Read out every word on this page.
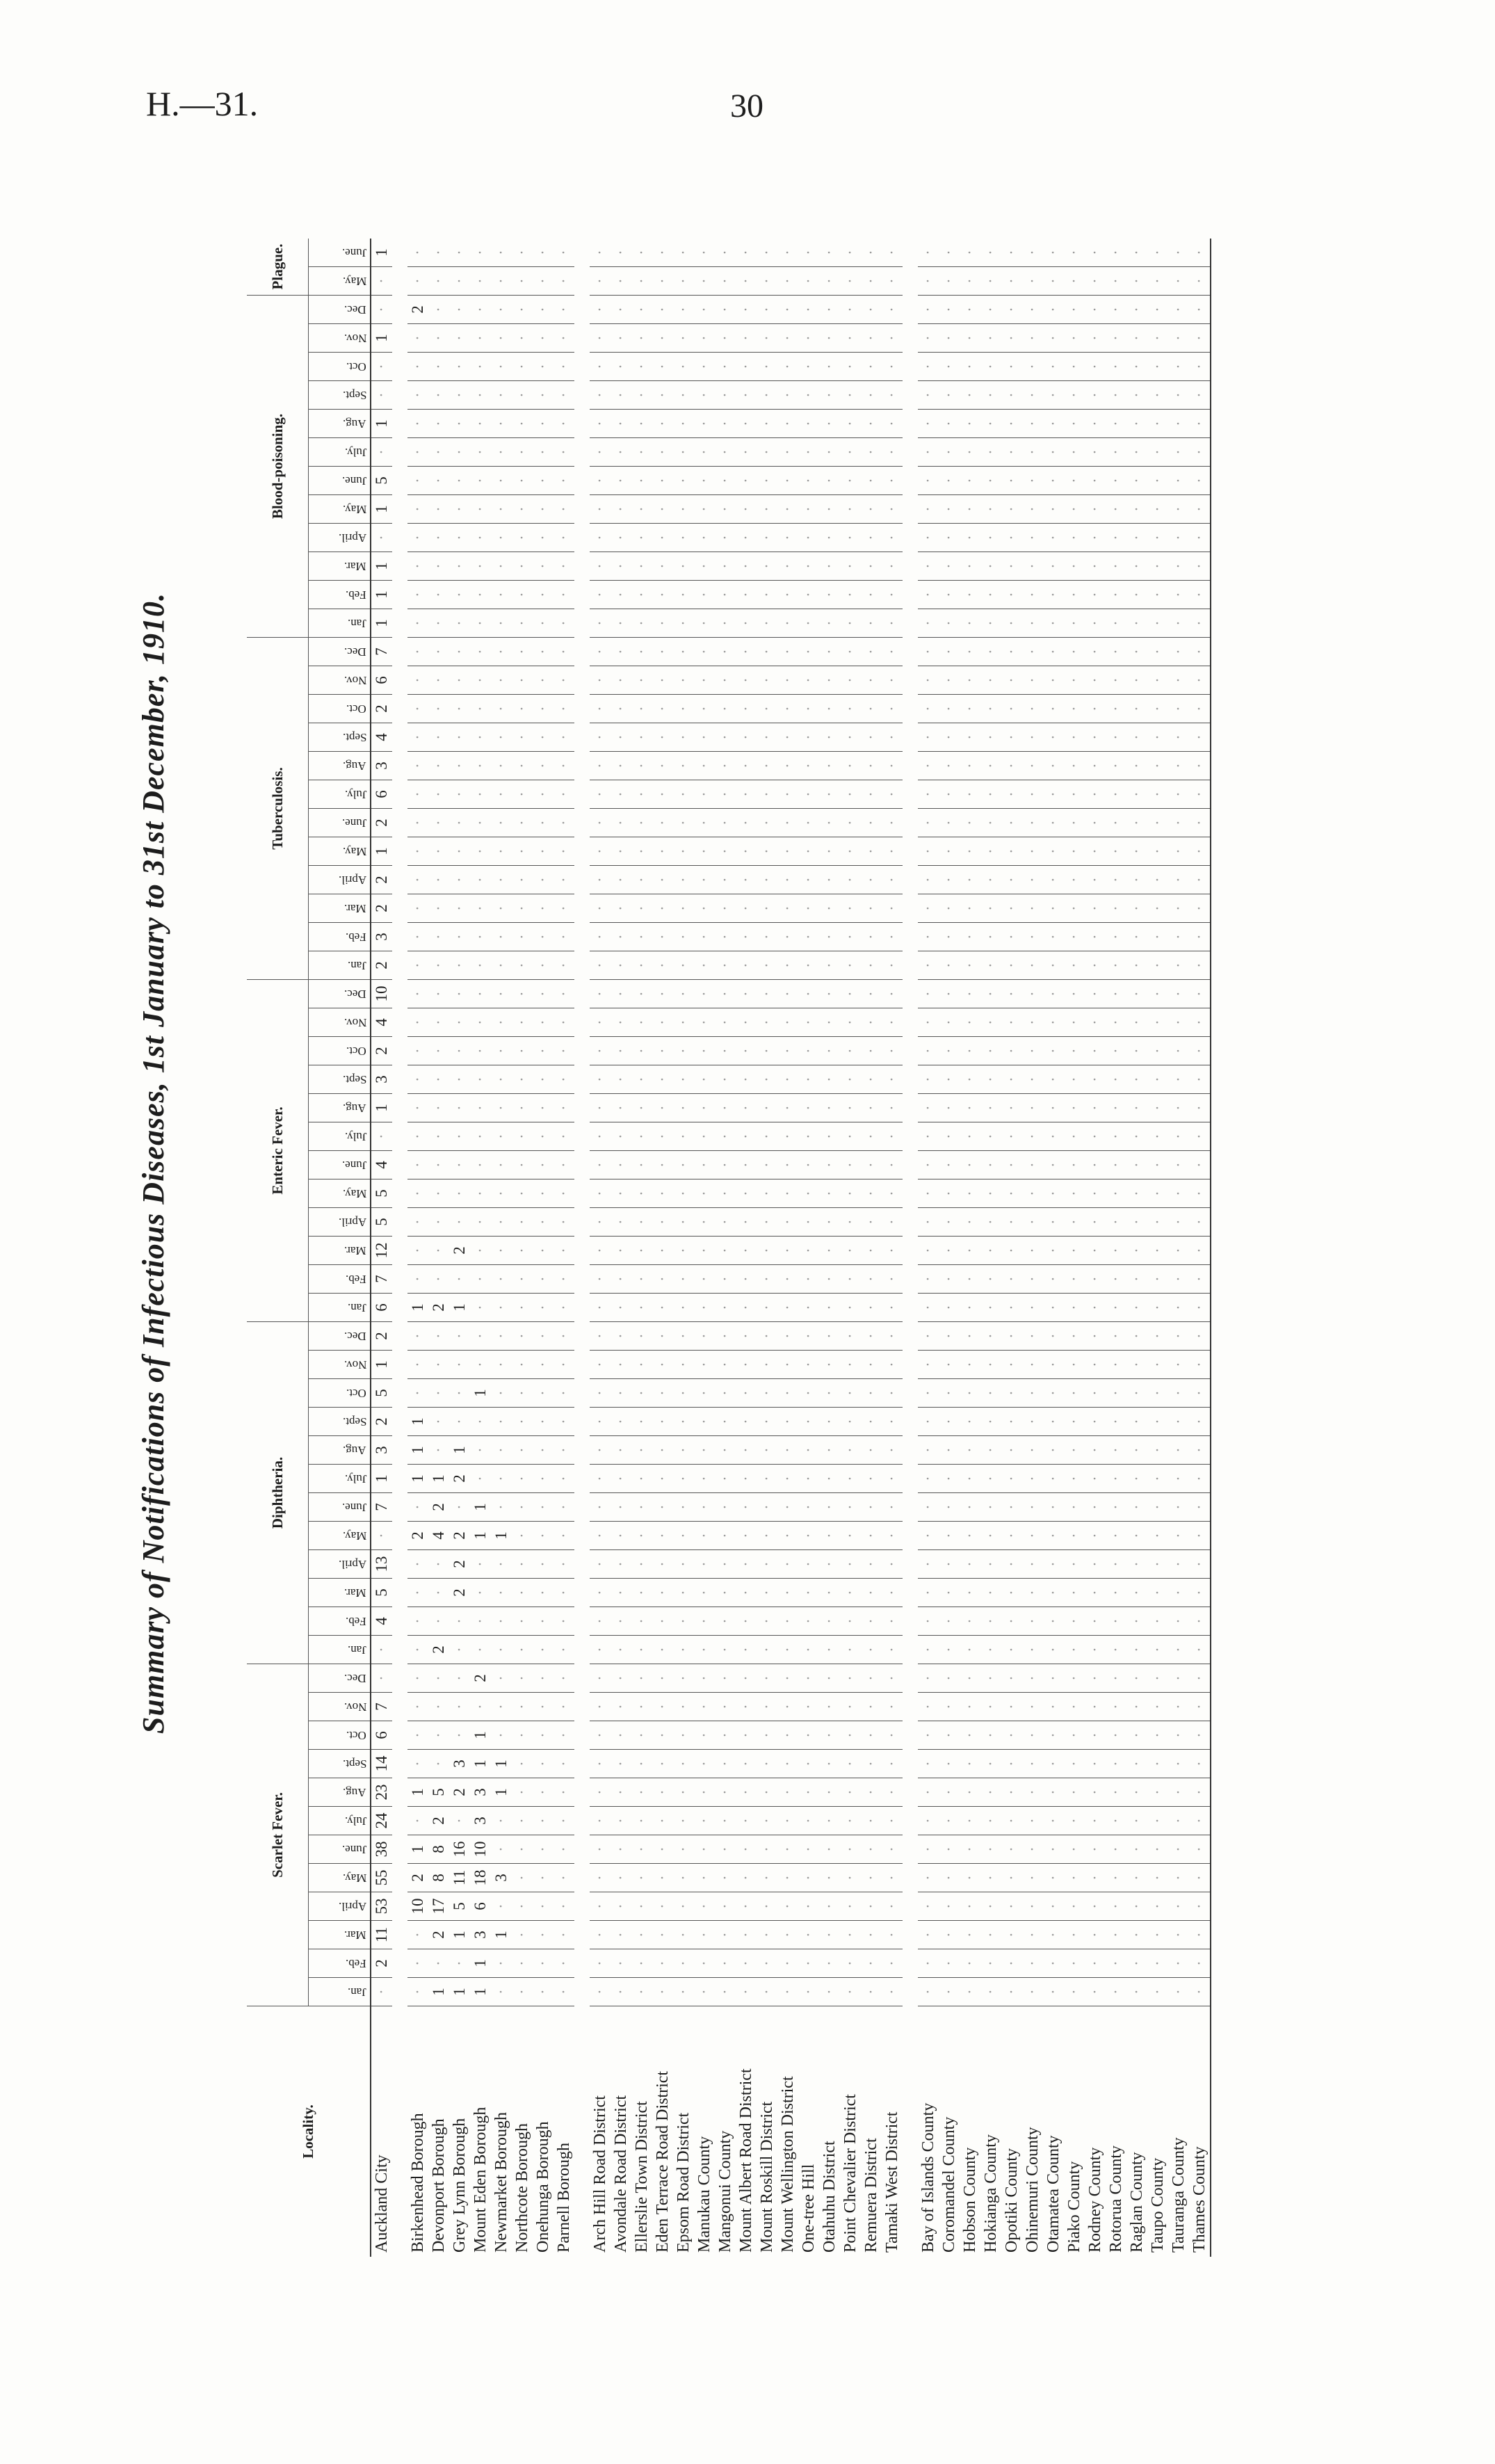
H.—31.	30
Summary of Notifications of Infectious Diseases, 1st January to 31st December, 1910.
Locality.	Scarlet Fever.												Diphtheria.												Enteric Fever.												Tuberculosis.												Blood-poisoning.												Plague.	
	Jan.	Feb.	Mar.	April.	May.	June.	July.	Aug.	Sept.	Oct.	Nov.	Dec.	Jan.	Feb.	Mar.	April.	May.	June.	July.	Aug.	Sept.	Oct.	Nov.	Dec.	Jan.	Feb.	Mar.	April.	May.	June.	July.	Aug.	Sept.	Oct.	Nov.	Dec.	Jan.	Feb.	Mar.	April.	May.	June.	July.	Aug.	Sept.	Oct.	Nov.	Dec.	Jan.	Feb.	Mar.	April.	May.	June.	July.	Aug.	Sept.	Oct.	Nov.	Dec.	May.	June.
Auckland City	·	2	11	53	55	38	24	23	14	6	7	·	·	4	5	13	·	7	1	3	2	5	1	2	6	7	12	5	5	4	·	1	3	2	4	10	2	3	2	2	1	2	6	3	4	2	6	7	1	1	1	·	1	5	·	1	·	·	1	·	·	1

Birkenhead Borough	·	·	·	10	2	1	·	1	·	·	·	·	·	·	·	·	2	·	1	1	1	·	·	·	1	·	·	·	·	·	·	·	·	·	·	·	·	·	·	·	·	·	·	·	·	·	·	·	·	·	·	·	·	·	·	·	·	·	·	2	·	·
Devonport Borough	1	·	2	17	8	8	2	5	·	·	·	·	2	·	·	·	4	2	1	·	·	·	·	·	2	·	·	·	·	·	·	·	·	·	·	·	·	·	·	·	·	·	·	·	·	·	·	·	·	·	·	·	·	·	·	·	·	·	·	·	·	·
Grey Lynn Borough	1	·	1	5	11	16	·	2	3	·	·	·	·	·	2	2	2	·	2	1	·	·	·	·	1	·	2	·	·	·	·	·	·	·	·	·	·	·	·	·	·	·	·	·	·	·	·	·	·	·	·	·	·	·	·	·	·	·	·	·	·	·
Mount Eden Borough	1	1	3	6	18	10	3	3	1	1	·	2	·	·	·	·	1	1	·	·	·	1	·	·	·	·	·	·	·	·	·	·	·	·	·	·	·	·	·	·	·	·	·	·	·	·	·	·	·	·	·	·	·	·	·	·	·	·	·	·	·	·
Newmarket Borough	·	·	1	·	3	·	·	1	1	·	·	·	·	·	·	·	1	·	·	·	·	·	·	·	·	·	·	·	·	·	·	·	·	·	·	·	·	·	·	·	·	·	·	·	·	·	·	·	·	·	·	·	·	·	·	·	·	·	·	·	·	·
Northcote Borough	·	·	·	·	·	·	·	·	·	·	·	·	·	·	·	·	·	·	·	·	·	·	·	·	·	·	·	·	·	·	·	·	·	·	·	·	·	·	·	·	·	·	·	·	·	·	·	·	·	·	·	·	·	·	·	·	·	·	·	·	·	·
Onehunga Borough	·	·	·	·	·	·	·	·	·	·	·	·	·	·	·	·	·	·	·	·	·	·	·	·	·	·	·	·	·	·	·	·	·	·	·	·	·	·	·	·	·	·	·	·	·	·	·	·	·	·	·	·	·	·	·	·	·	·	·	·	·	·
Parnell Borough	·	·	·	·	·	·	·	·	·	·	·	·	·	·	·	·	·	·	·	·	·	·	·	·	·	·	·	·	·	·	·	·	·	·	·	·	·	·	·	·	·	·	·	·	·	·	·	·	·	·	·	·	·	·	·	·	·	·	·	·	·	·

Arch Hill Road District	·	·	·	·	·	·	·	·	·	·	·	·	·	·	·	·	·	·	·	·	·	·	·	·	·	·	·	·	·	·	·	·	·	·	·	·	·	·	·	·	·	·	·	·	·	·	·	·	·	·	·	·	·	·	·	·	·	·	·	·	·	·
Avondale Road District	·	·	·	·	·	·	·	·	·	·	·	·	·	·	·	·	·	·	·	·	·	·	·	·	·	·	·	·	·	·	·	·	·	·	·	·	·	·	·	·	·	·	·	·	·	·	·	·	·	·	·	·	·	·	·	·	·	·	·	·	·	·
Ellerslie Town District	·	·	·	·	·	·	·	·	·	·	·	·	·	·	·	·	·	·	·	·	·	·	·	·	·	·	·	·	·	·	·	·	·	·	·	·	·	·	·	·	·	·	·	·	·	·	·	·	·	·	·	·	·	·	·	·	·	·	·	·	·	·
Eden Terrace Road District	·	·	·	·	·	·	·	·	·	·	·	·	·	·	·	·	·	·	·	·	·	·	·	·	·	·	·	·	·	·	·	·	·	·	·	·	·	·	·	·	·	·	·	·	·	·	·	·	·	·	·	·	·	·	·	·	·	·	·	·	·	·
Epsom Road District	·	·	·	·	·	·	·	·	·	·	·	·	·	·	·	·	·	·	·	·	·	·	·	·	·	·	·	·	·	·	·	·	·	·	·	·	·	·	·	·	·	·	·	·	·	·	·	·	·	·	·	·	·	·	·	·	·	·	·	·	·	·
Manukau County	·	·	·	·	·	·	·	·	·	·	·	·	·	·	·	·	·	·	·	·	·	·	·	·	·	·	·	·	·	·	·	·	·	·	·	·	·	·	·	·	·	·	·	·	·	·	·	·	·	·	·	·	·	·	·	·	·	·	·	·	·	·
Mangonui County	·	·	·	·	·	·	·	·	·	·	·	·	·	·	·	·	·	·	·	·	·	·	·	·	·	·	·	·	·	·	·	·	·	·	·	·	·	·	·	·	·	·	·	·	·	·	·	·	·	·	·	·	·	·	·	·	·	·	·	·	·	·
Mount Albert Road District	·	·	·	·	·	·	·	·	·	·	·	·	·	·	·	·	·	·	·	·	·	·	·	·	·	·	·	·	·	·	·	·	·	·	·	·	·	·	·	·	·	·	·	·	·	·	·	·	·	·	·	·	·	·	·	·	·	·	·	·	·	·
Mount Roskill District	·	·	·	·	·	·	·	·	·	·	·	·	·	·	·	·	·	·	·	·	·	·	·	·	·	·	·	·	·	·	·	·	·	·	·	·	·	·	·	·	·	·	·	·	·	·	·	·	·	·	·	·	·	·	·	·	·	·	·	·	·	·
Mount Wellington District	·	·	·	·	·	·	·	·	·	·	·	·	·	·	·	·	·	·	·	·	·	·	·	·	·	·	·	·	·	·	·	·	·	·	·	·	·	·	·	·	·	·	·	·	·	·	·	·	·	·	·	·	·	·	·	·	·	·	·	·	·	·
One-tree Hill	·	·	·	·	·	·	·	·	·	·	·	·	·	·	·	·	·	·	·	·	·	·	·	·	·	·	·	·	·	·	·	·	·	·	·	·	·	·	·	·	·	·	·	·	·	·	·	·	·	·	·	·	·	·	·	·	·	·	·	·	·	·
Otahuhu District	·	·	·	·	·	·	·	·	·	·	·	·	·	·	·	·	·	·	·	·	·	·	·	·	·	·	·	·	·	·	·	·	·	·	·	·	·	·	·	·	·	·	·	·	·	·	·	·	·	·	·	·	·	·	·	·	·	·	·	·	·	·
Point Chevalier District	·	·	·	·	·	·	·	·	·	·	·	·	·	·	·	·	·	·	·	·	·	·	·	·	·	·	·	·	·	·	·	·	·	·	·	·	·	·	·	·	·	·	·	·	·	·	·	·	·	·	·	·	·	·	·	·	·	·	·	·	·	·
Remuera District	·	·	·	·	·	·	·	·	·	·	·	·	·	·	·	·	·	·	·	·	·	·	·	·	·	·	·	·	·	·	·	·	·	·	·	·	·	·	·	·	·	·	·	·	·	·	·	·	·	·	·	·	·	·	·	·	·	·	·	·	·	·
Tamaki West District	·	·	·	·	·	·	·	·	·	·	·	·	·	·	·	·	·	·	·	·	·	·	·	·	·	·	·	·	·	·	·	·	·	·	·	·	·	·	·	·	·	·	·	·	·	·	·	·	·	·	·	·	·	·	·	·	·	·	·	·	·	·

Bay of Islands County	·	·	·	·	·	·	·	·	·	·	·	·	·	·	·	·	·	·	·	·	·	·	·	·	·	·	·	·	·	·	·	·	·	·	·	·	·	·	·	·	·	·	·	·	·	·	·	·	·	·	·	·	·	·	·	·	·	·	·	·	·	·
Coromandel County	·	·	·	·	·	·	·	·	·	·	·	·	·	·	·	·	·	·	·	·	·	·	·	·	·	·	·	·	·	·	·	·	·	·	·	·	·	·	·	·	·	·	·	·	·	·	·	·	·	·	·	·	·	·	·	·	·	·	·	·	·	·
Hobson County	·	·	·	·	·	·	·	·	·	·	·	·	·	·	·	·	·	·	·	·	·	·	·	·	·	·	·	·	·	·	·	·	·	·	·	·	·	·	·	·	·	·	·	·	·	·	·	·	·	·	·	·	·	·	·	·	·	·	·	·	·	·
Hokianga County	·	·	·	·	·	·	·	·	·	·	·	·	·	·	·	·	·	·	·	·	·	·	·	·	·	·	·	·	·	·	·	·	·	·	·	·	·	·	·	·	·	·	·	·	·	·	·	·	·	·	·	·	·	·	·	·	·	·	·	·	·	·
Opotiki County	·	·	·	·	·	·	·	·	·	·	·	·	·	·	·	·	·	·	·	·	·	·	·	·	·	·	·	·	·	·	·	·	·	·	·	·	·	·	·	·	·	·	·	·	·	·	·	·	·	·	·	·	·	·	·	·	·	·	·	·	·	·
Ohinemuri County	·	·	·	·	·	·	·	·	·	·	·	·	·	·	·	·	·	·	·	·	·	·	·	·	·	·	·	·	·	·	·	·	·	·	·	·	·	·	·	·	·	·	·	·	·	·	·	·	·	·	·	·	·	·	·	·	·	·	·	·	·	·
Otamatea County	·	·	·	·	·	·	·	·	·	·	·	·	·	·	·	·	·	·	·	·	·	·	·	·	·	·	·	·	·	·	·	·	·	·	·	·	·	·	·	·	·	·	·	·	·	·	·	·	·	·	·	·	·	·	·	·	·	·	·	·	·	·
Piako County	·	·	·	·	·	·	·	·	·	·	·	·	·	·	·	·	·	·	·	·	·	·	·	·	·	·	·	·	·	·	·	·	·	·	·	·	·	·	·	·	·	·	·	·	·	·	·	·	·	·	·	·	·	·	·	·	·	·	·	·	·	·
Rodney County	·	·	·	·	·	·	·	·	·	·	·	·	·	·	·	·	·	·	·	·	·	·	·	·	·	·	·	·	·	·	·	·	·	·	·	·	·	·	·	·	·	·	·	·	·	·	·	·	·	·	·	·	·	·	·	·	·	·	·	·	·	·
Rotorua County	·	·	·	·	·	·	·	·	·	·	·	·	·	·	·	·	·	·	·	·	·	·	·	·	·	·	·	·	·	·	·	·	·	·	·	·	·	·	·	·	·	·	·	·	·	·	·	·	·	·	·	·	·	·	·	·	·	·	·	·	·	·
Raglan County	·	·	·	·	·	·	·	·	·	·	·	·	·	·	·	·	·	·	·	·	·	·	·	·	·	·	·	·	·	·	·	·	·	·	·	·	·	·	·	·	·	·	·	·	·	·	·	·	·	·	·	·	·	·	·	·	·	·	·	·	·	·
Taupo County	·	·	·	·	·	·	·	·	·	·	·	·	·	·	·	·	·	·	·	·	·	·	·	·	·	·	·	·	·	·	·	·	·	·	·	·	·	·	·	·	·	·	·	·	·	·	·	·	·	·	·	·	·	·	·	·	·	·	·	·	·	·
Tauranga County	·	·	·	·	·	·	·	·	·	·	·	·	·	·	·	·	·	·	·	·	·	·	·	·	·	·	·	·	·	·	·	·	·	·	·	·	·	·	·	·	·	·	·	·	·	·	·	·	·	·	·	·	·	·	·	·	·	·	·	·	·	·
Thames County	·	·	·	·	·	·	·	·	·	·	·	·	·	·	·	·	·	·	·	·	·	·	·	·	·	·	·	·	·	·	·	·	·	·	·	·	·	·	·	·	·	·	·	·	·	·	·	·	·	·	·	·	·	·	·	·	·	·	·	·	·	·
